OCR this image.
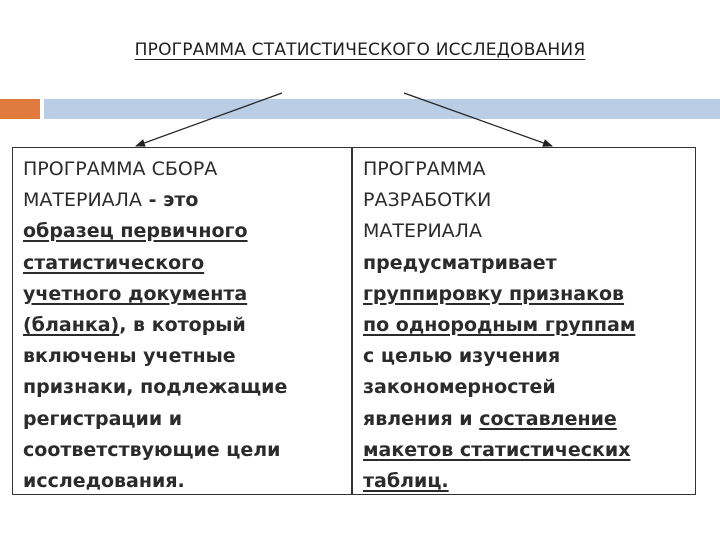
ПРОГРАММА СТАТИСТИЧЕСКОГО ИССЛЕДОВАНИЯ
ПРОГРАММА СБОРА
МАТЕРИАЛА - это
образец первичного
статистического
учетного документа
(бланка), в который
включены учетные
признаки, подлежащие
регистрации и
соответствующие цели
исследования.
ПРОГРАММА
РАЗРАБОТКИ
МАТЕРИАЛА
предусматривает
группировку признаков
по однородным группам
с целью изучения
закономерностей
явления и составление
макетов статистических
таблиц.
